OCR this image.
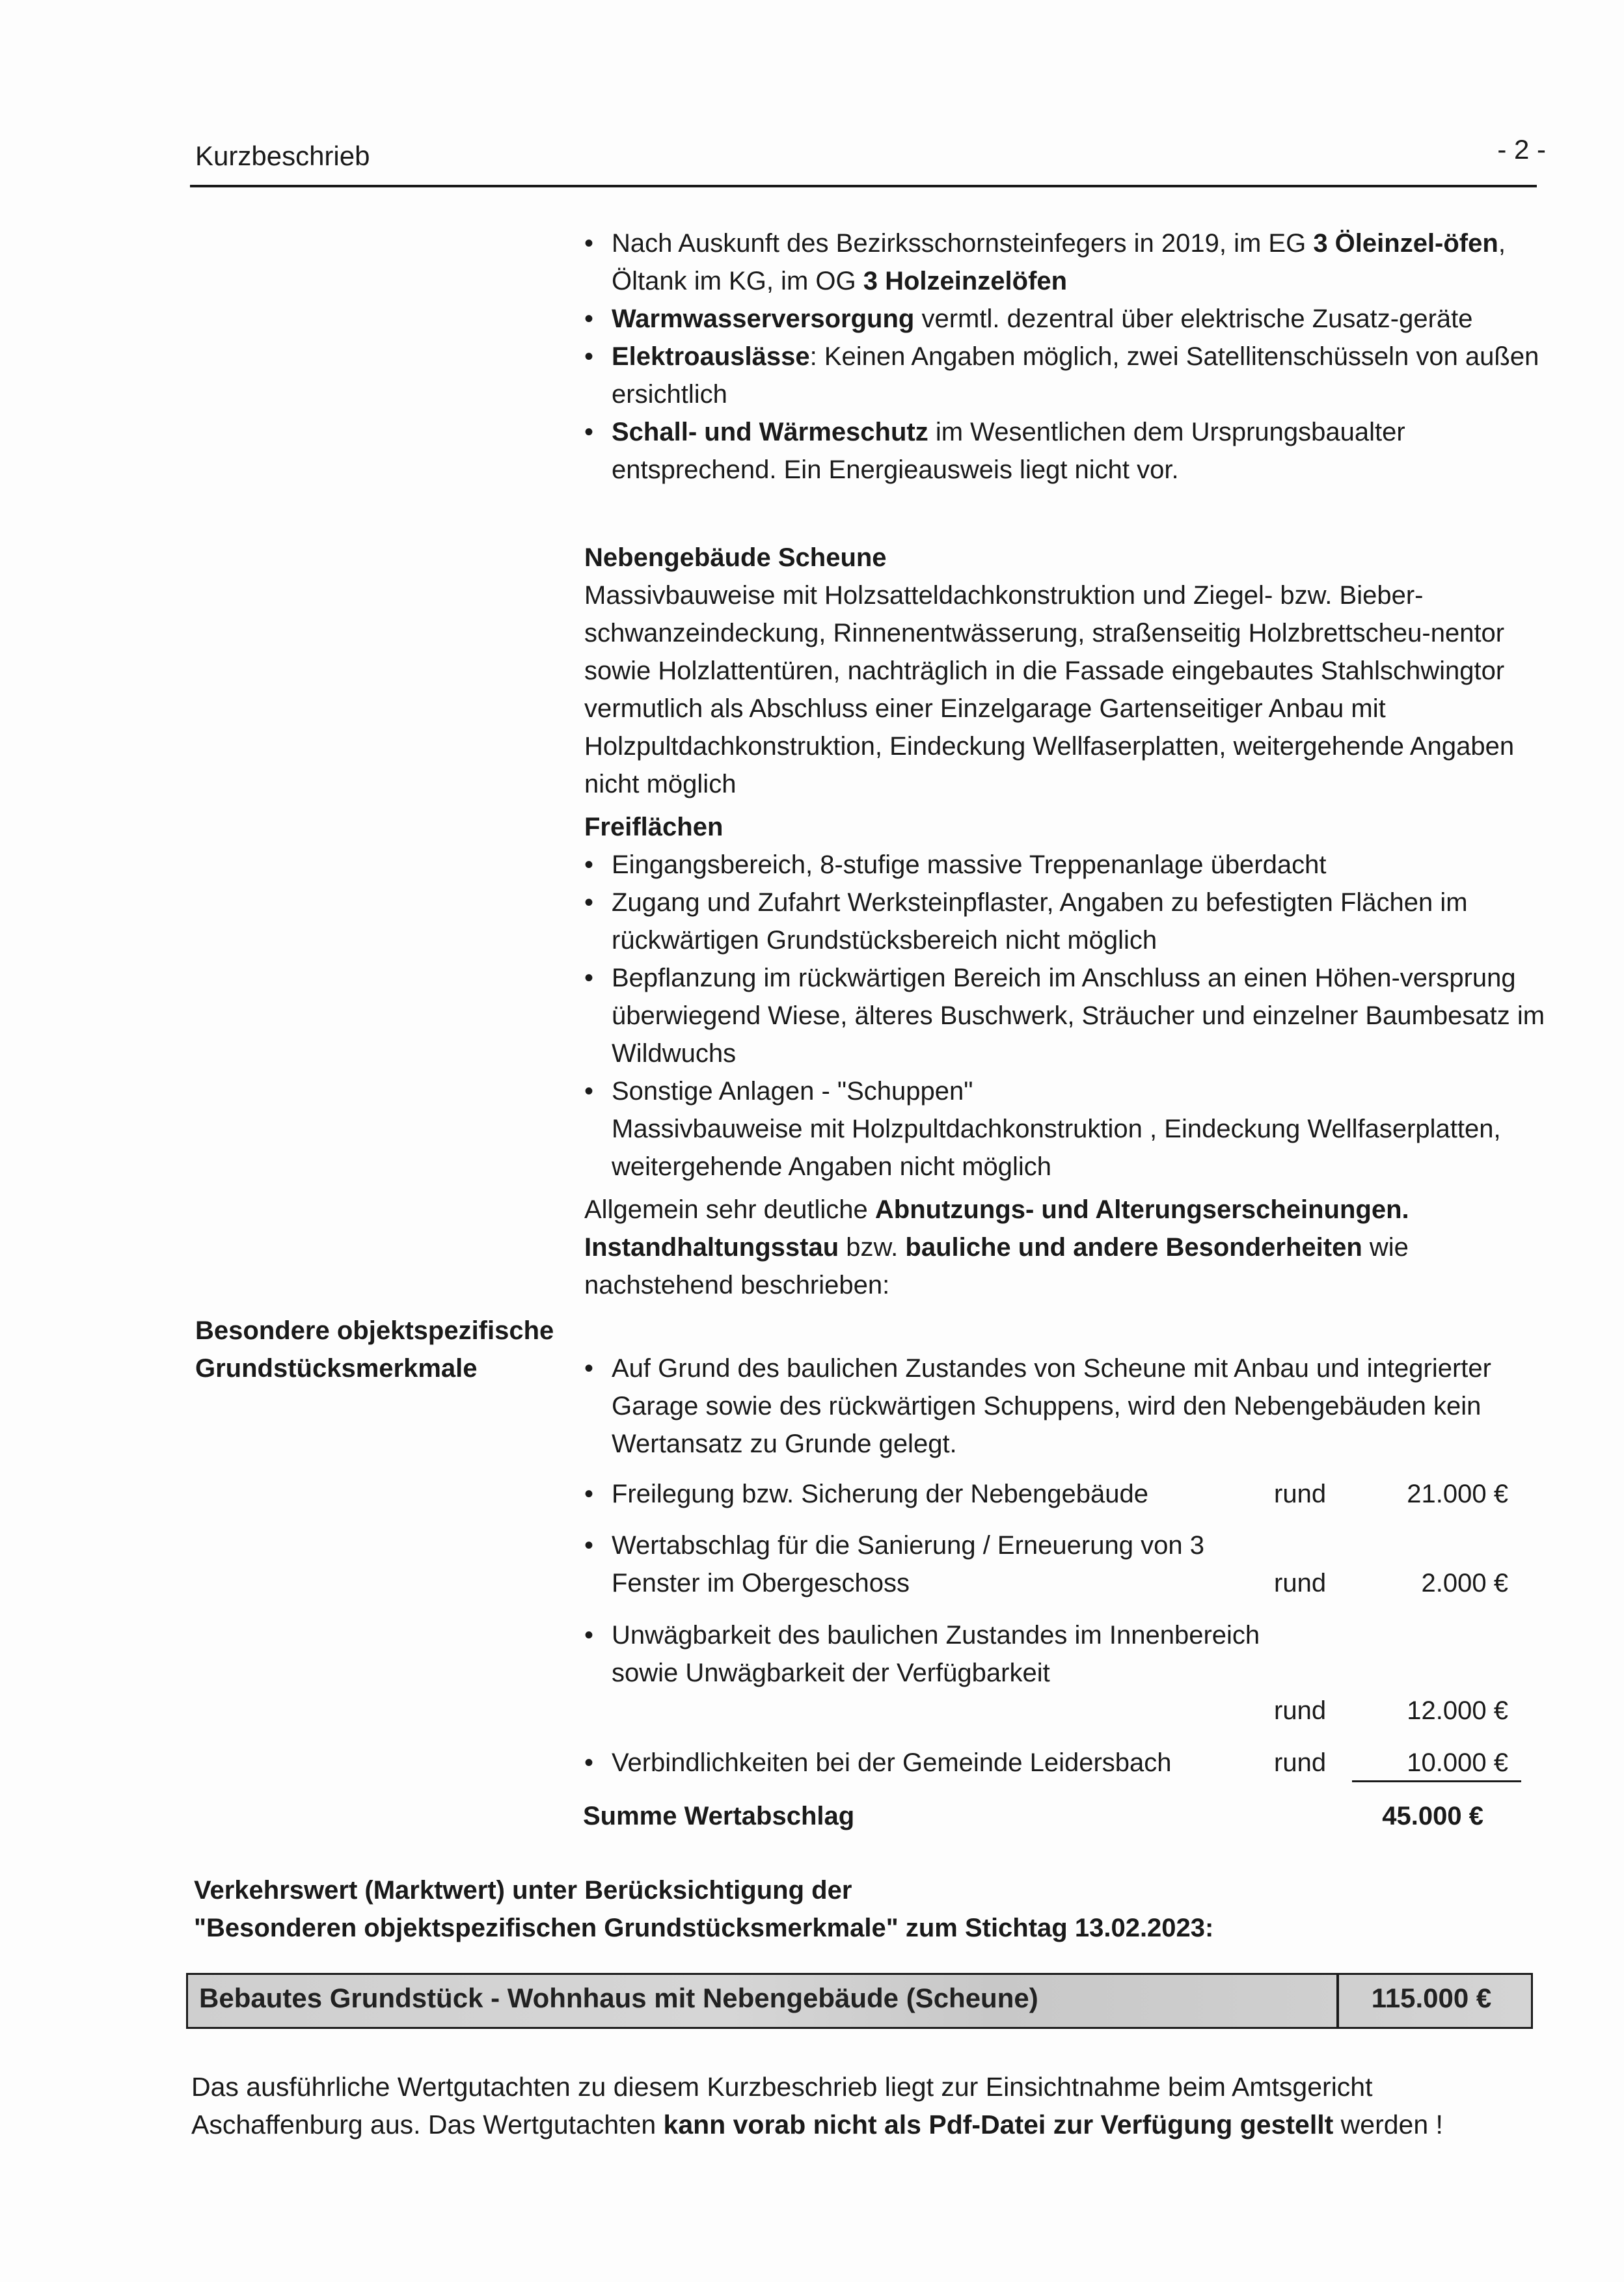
Kurzbeschrieb	- 2 -
• Nach Auskunft des Bezirksschornsteinfegers in 2019, im EG 3 Öleinzel-öfen, Öltank im KG, im OG 3 Holzeinzelöfen
• Warmwasserversorgung vermtl. dezentral über elektrische Zusatz-geräte
• Elektroauslässe: Keinen Angaben möglich, zwei Satellitenschüsseln von außen ersichtlich
• Schall- und Wärmeschutz im Wesentlichen dem Ursprungsbaualter entsprechend. Ein Energieausweis liegt nicht vor.
Nebengebäude Scheune
Massivbauweise mit Holzsatteldachkonstruktion und Ziegel- bzw. Bieber-schwanzeindeckung, Rinnenentwässerung, straßenseitig Holzbrettscheu-nentor sowie Holzlattentüren, nachträglich in die Fassade eingebautes Stahlschwingtor vermutlich als Abschluss einer Einzelgarage Gartenseitiger Anbau mit Holzpultdachkonstruktion, Eindeckung Wellfaserplatten, weitergehende Angaben nicht möglich
Freiflächen
• Eingangsbereich, 8-stufige massive Treppenanlage überdacht
• Zugang und Zufahrt Werksteinpflaster, Angaben zu befestigten Flächen im rückwärtigen Grundstücksbereich nicht möglich
• Bepflanzung im rückwärtigen Bereich im Anschluss an einen Höhen-versprung überwiegend Wiese, älteres Buschwerk, Sträucher und einzelner Baumbesatz im Wildwuchs
• Sonstige Anlagen - "Schuppen"
Massivbauweise mit Holzpultdachkonstruktion , Eindeckung Wellfaserplatten, weitergehende Angaben nicht möglich
Allgemein sehr deutliche Abnutzungs- und Alterungserscheinungen. Instandhaltungsstau bzw. bauliche und andere Besonderheiten wie nachstehend beschrieben:
Besondere objektspezifische Grundstücksmerkmale
•	Auf Grund des baulichen Zustandes von Scheune mit Anbau und integrierter Garage sowie des rückwärtigen Schuppens, wird den Nebengebäuden kein Wertansatz zu Grunde gelegt.
• Freilegung bzw. Sicherung der Nebengebäude	rund	21.000 €
• Wertabschlag für die Sanierung / Erneuerung von 3 Fenster im Obergeschoss	rund	2.000 €
• Unwägbarkeit des baulichen Zustandes im Innenbereich sowie Unwägbarkeit der Verfügbarkeit
rund	12.000 €
• Verbindlichkeiten bei der Gemeinde Leidersbach	rund	10.000 €
Summe Wertabschlag	45.000 €
Verkehrswert (Marktwert) unter Berücksichtigung der
"Besonderen objektspezifischen Grundstücksmerkmale" zum Stichtag 13.02.2023:
Bebautes Grundstück - Wohnhaus mit Nebengebäude (Scheune)	115.000 €
Das ausführliche Wertgutachten zu diesem Kurzbeschrieb liegt zur Einsichtnahme beim Amtsgericht Aschaffenburg aus. Das Wertgutachten kann vorab nicht als Pdf-Datei zur Verfügung gestellt werden !
